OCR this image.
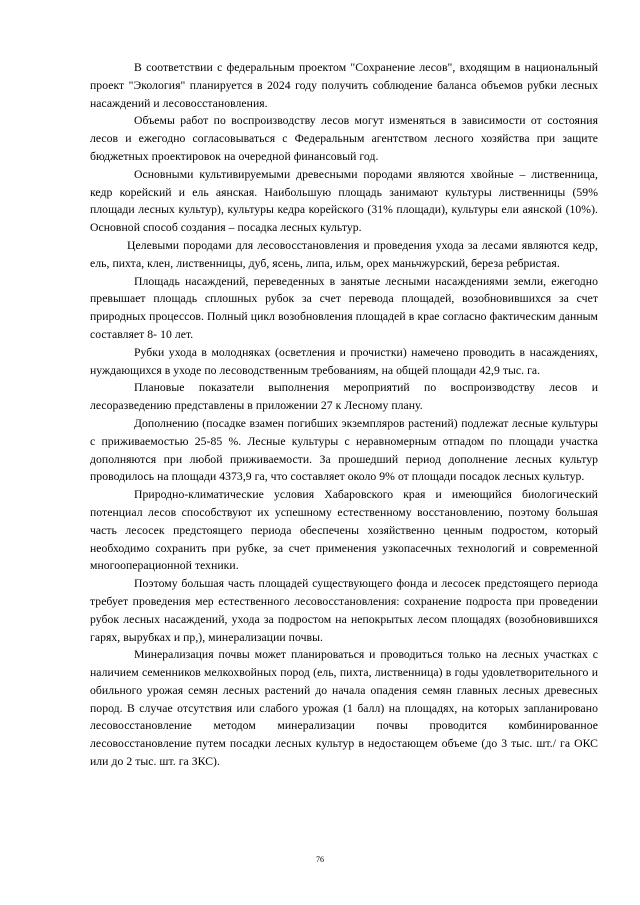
В соответствии с федеральным проектом "Сохранение лесов", входящим в национальный проект "Экология" планируется в 2024 году получить соблюдение баланса объемов рубки лесных насаждений и лесовосстановления.

Объемы работ по воспроизводству лесов могут изменяться в зависимости от состояния лесов и ежегодно согласовываться с Федеральным агентством лесного хозяйства при защите бюджетных проектировок на очередной финансовый год.

Основными культивируемыми древесными породами являются хвойные – лиственница, кедр корейский и ель аянская. Наибольшую площадь занимают культуры лиственницы (59% площади лесных культур), культуры кедра корейского (31% площади), культуры ели аянской (10%). Основной способ создания – посадка лесных культур.

Целевыми породами для лесовосстановления и проведения ухода за лесами являются кедр, ель, пихта, клен, лиственницы, дуб, ясень, липа, ильм, орех маньчжурский, береза ребристая.

Площадь насаждений, переведенных в занятые лесными насаждениями земли, ежегодно превышает площадь сплошных рубок за счет перевода площадей, возобновившихся за счет природных процессов. Полный цикл возобновления площадей в крае согласно фактическим данным составляет 8- 10 лет.

Рубки ухода в молодняках (осветления и прочистки) намечено проводить в насаждениях, нуждающихся в уходе по лесоводственным требованиям, на общей площади 42,9 тыс. га.

Плановые показатели выполнения мероприятий по воспроизводству лесов и лесоразведению представлены в приложении 27 к Лесному плану.

Дополнению (посадке взамен погибших экземпляров растений) подлежат лесные культуры с приживаемостью 25-85 %. Лесные культуры с неравномерным отпадом по площади участка дополняются при любой приживаемости. За прошедший период дополнение лесных культур проводилось на площади 4373,9 га, что составляет около 9% от площади посадок лесных культур.

Природно-климатические условия Хабаровского края и имеющийся биологический потенциал лесов способствуют их успешному естественному восстановлению, поэтому большая часть лесосек предстоящего периода обеспечены хозяйственно ценным подростом, который необходимо сохранить при рубке, за счет применения узкопасечных технологий и современной многооперационной техники.

Поэтому большая часть площадей существующего фонда и лесосек предстоящего периода требует проведения мер естественного лесовосстановления: сохранение подроста при проведении рубок лесных насаждений, ухода за подростом на непокрытых лесом площадях (возобновившихся гарях, вырубках и пр,), минерализации почвы.

Минерализация почвы может планироваться и проводиться только на лесных участках с наличием семенников мелкохвойных пород (ель, пихта, лиственница) в годы удовлетворительного и обильного урожая семян лесных растений до начала опадения семян главных лесных древесных пород. В случае отсутствия или слабого урожая (1 балл) на площадях, на которых запланировано лесовосстановление методом минерализации почвы проводится комбинированное лесовосстановление путем посадки лесных культур в недостающем объеме (до 3 тыс. шт./ га ОКС или до 2 тыс. шт. га ЗКС).

76
